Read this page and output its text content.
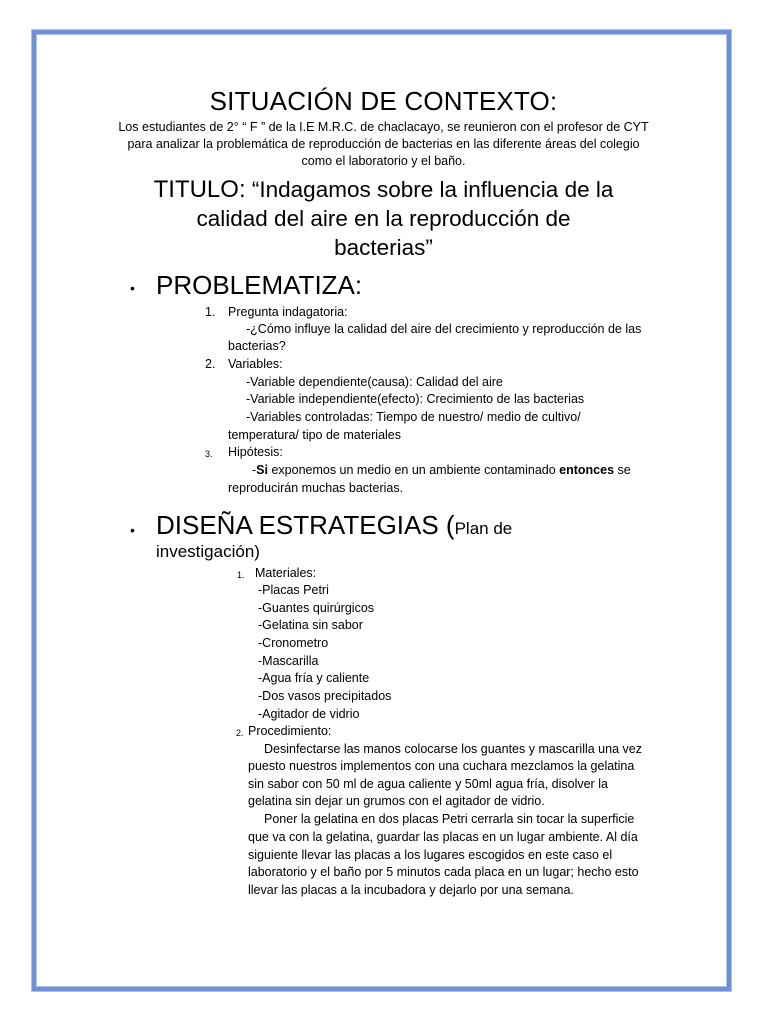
SITUACIÓN DE CONTEXTO:
Los estudiantes de 2° “ F ” de la I.E M.R.C. de chaclacayo, se reunieron con el profesor de CYT
para analizar la problemática de reproducción de bacterias en las diferente áreas del colegio
como el laboratorio y el baño.
TITULO: “Indagamos sobre la influencia de la
calidad del aire en la reproducción de
bacterias”
• PROBLEMATIZA:
1. Pregunta indagatoria:
-¿Cómo influye la calidad del aire del crecimiento y reproducción de las
bacterias?
2. Variables:
-Variable dependiente(causa): Calidad del aire
-Variable independiente(efecto): Crecimiento de las bacterias
-Variables controladas: Tiempo de nuestro/ medio de cultivo/
temperatura/ tipo de materiales
3. Hipótesis:
-Si exponemos un medio en un ambiente contaminado entonces se
reproducirán muchas bacterias.
• DISEÑA ESTRATEGIAS (Plan de
investigación)
1. Materiales:
-Placas Petri
-Guantes quirúrgicos
-Gelatina sin sabor
-Cronometro
-Mascarilla
-Agua fría y caliente
-Dos vasos precipitados
-Agitador de vidrio
2. Procedimiento:
Desinfectarse las manos colocarse los guantes y mascarilla una vez
puesto nuestros implementos con una cuchara mezclamos la gelatina
sin sabor con 50 ml de agua caliente y 50ml agua fría, disolver la
gelatina sin dejar un grumos con el agitador de vidrio.
Poner la gelatina en dos placas Petri cerrarla sin tocar la superficie
que va con la gelatina, guardar las placas en un lugar ambiente. Al día
siguiente llevar las placas a los lugares escogidos en este caso el
laboratorio y el baño por 5 minutos cada placa en un lugar; hecho esto
llevar las placas a la incubadora y dejarlo por una semana.
